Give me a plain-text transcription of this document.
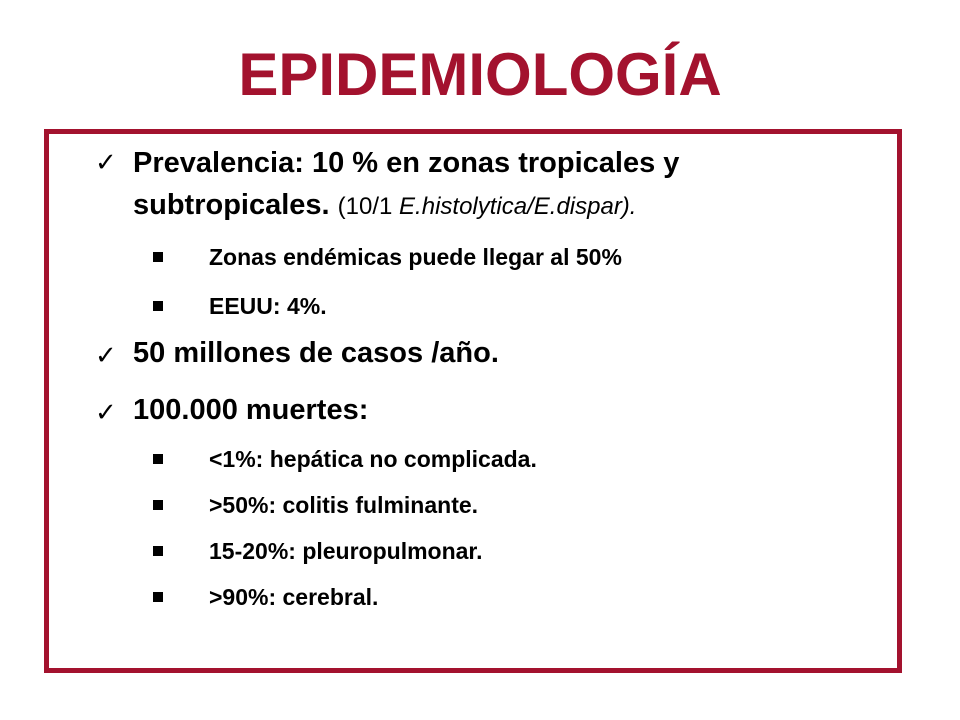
EPIDEMIOLOGÍA
✓ Prevalencia: 10 % en zonas tropicales y subtropicales. (10/1 E.histolytica/E.dispar).
Zonas endémicas puede llegar al 50%
EEUU: 4%.
✓ 50 millones de casos /año.
✓ 100.000 muertes:
<1%: hepática no complicada.
>50%: colitis fulminante.
15-20%: pleuropulmonar.
>90%: cerebral.
